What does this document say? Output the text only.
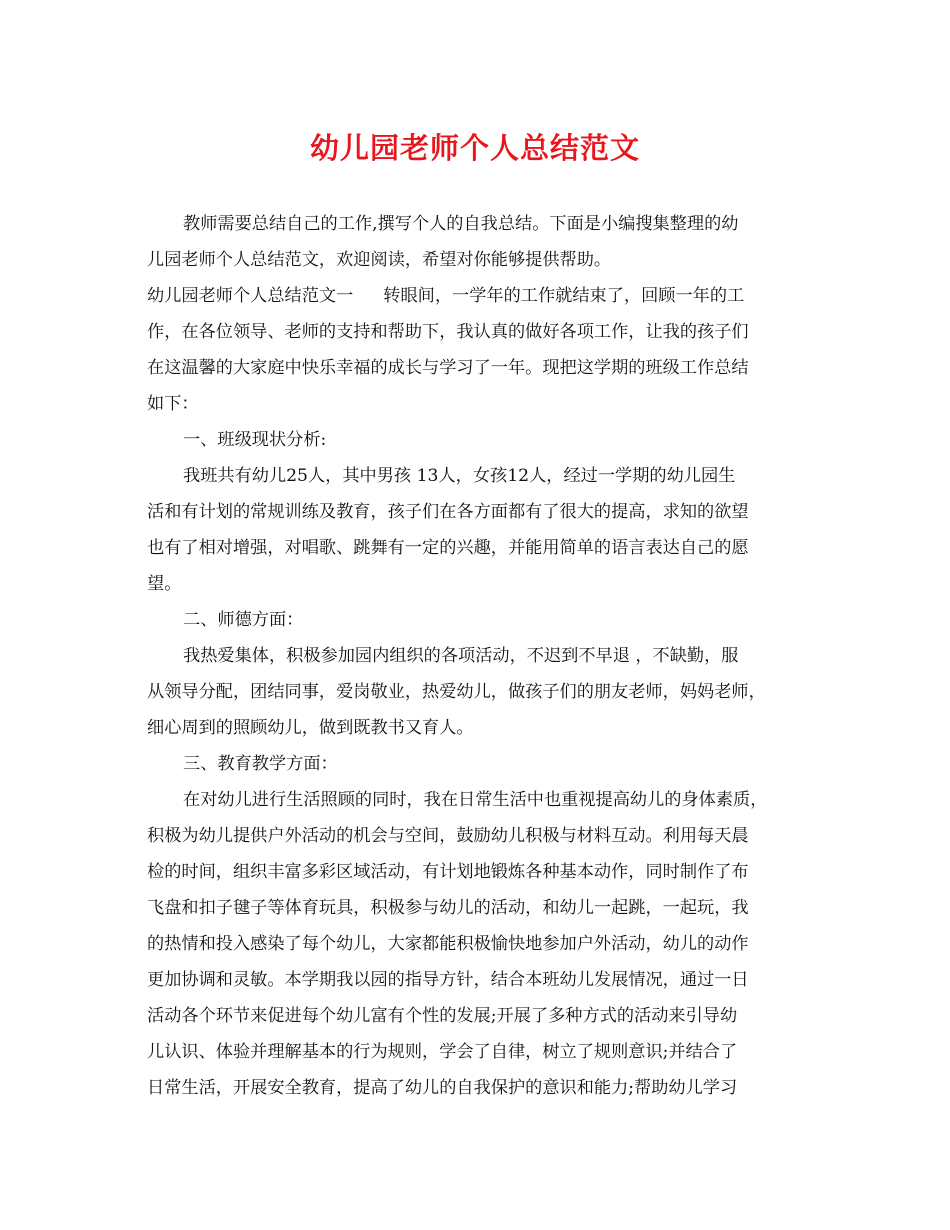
幼儿园老师个人总结范文
教师需要总结自己的工作,撰写个人的自我总结。下面是小编搜集整理的幼
儿园老师个人总结范文，欢迎阅读，希望对你能够提供帮助。
幼儿园老师个人总结范文一 转眼间，一学年的工作就结束了，回顾一年的工
作，在各位领导、老师的支持和帮助下，我认真的做好各项工作，让我的孩子们
在这温馨的大家庭中快乐幸福的成长与学习了一年。现把这学期的班级工作总结
如下：
一、班级现状分析:
我班共有幼儿25人，其中男孩 13人，女孩12人，经过一学期的幼儿园生
活和有计划的常规训练及教育，孩子们在各方面都有了很大的提高，求知的欲望
也有了相对增强，对唱歌、跳舞有一定的兴趣，并能用简单的语言表达自己的愿
望。
二、师德方面：
我热爱集体，积极参加园内组织的各项活动，不迟到不早退 ，不缺勤，服
从领导分配，团结同事，爱岗敬业，热爱幼儿，做孩子们的朋友老师，妈妈老师，
细心周到的照顾幼儿，做到既教书又育人。
三、教育教学方面：
在对幼儿进行生活照顾的同时，我在日常生活中也重视提高幼儿的身体素质，
积极为幼儿提供户外活动的机会与空间，鼓励幼儿积极与材料互动。利用每天晨
检的时间，组织丰富多彩区域活动，有计划地锻炼各种基本动作，同时制作了布
飞盘和扣子毽子等体育玩具，积极参与幼儿的活动，和幼儿一起跳，一起玩，我
的热情和投入感染了每个幼儿，大家都能积极愉快地参加户外活动，幼儿的动作
更加协调和灵敏。本学期我以园的指导方针，结合本班幼儿发展情况，通过一日
活动各个环节来促进每个幼儿富有个性的发展;开展了多种方式的活动来引导幼
儿认识、体验并理解基本的行为规则，学会了自律，树立了规则意识;并结合了
日常生活，开展安全教育，提高了幼儿的自我保护的意识和能力;帮助幼儿学习
